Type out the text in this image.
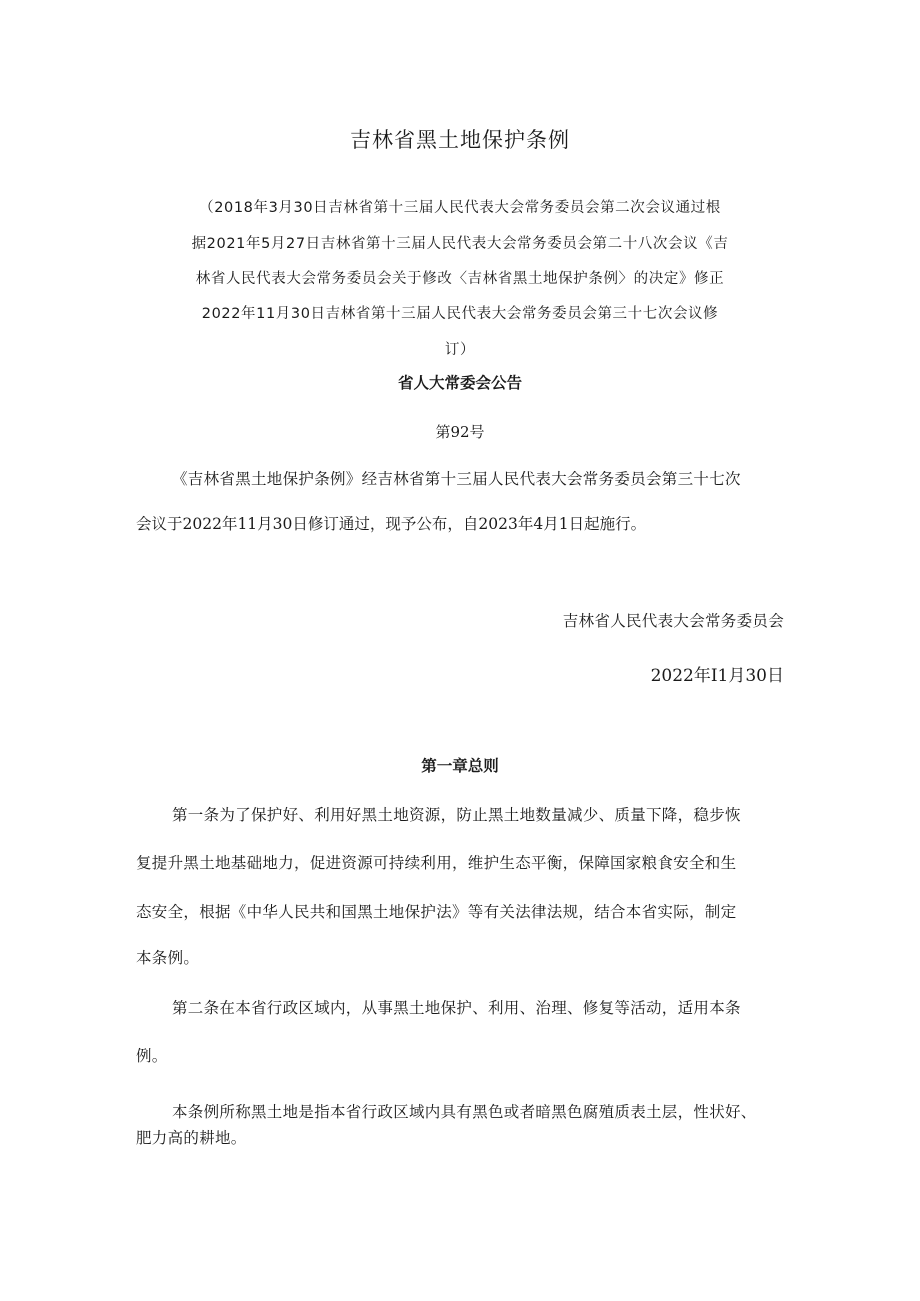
吉林省黑土地保护条例

（2018年3月30日吉林省第十三届人民代表大会常务委员会第二次会议通过根

据2021年5月27日吉林省第十三届人民代表大会常务委员会第二十八次会议《吉

林省人民代表大会常务委员会关于修改〈吉林省黑土地保护条例〉的决定》修正

2022年11月30日吉林省第十三届人民代表大会常务委员会第三十七次会议修

订）

省人大常委会公告

第92号

《吉林省黑土地保护条例》经吉林省第十三届人民代表大会常务委员会第三十七次

会议于2022年11月30日修订通过，现予公布，自2023年4月1日起施行。

吉林省人民代表大会常务委员会

2022年I1月30日

第一章总则

第一条为了保护好、利用好黑土地资源，防止黑土地数量减少、质量下降，稳步恢

复提升黑土地基础地力，促进资源可持续利用，维护生态平衡，保障国家粮食安全和生

态安全，根据《中华人民共和国黑土地保护法》等有关法律法规，结合本省实际，制定

本条例。

第二条在本省行政区域内，从事黑土地保护、利用、治理、修复等活动，适用本条

例。

本条例所称黑土地是指本省行政区域内具有黑色或者暗黑色腐殖质表土层，性状好、

肥力高的耕地。
